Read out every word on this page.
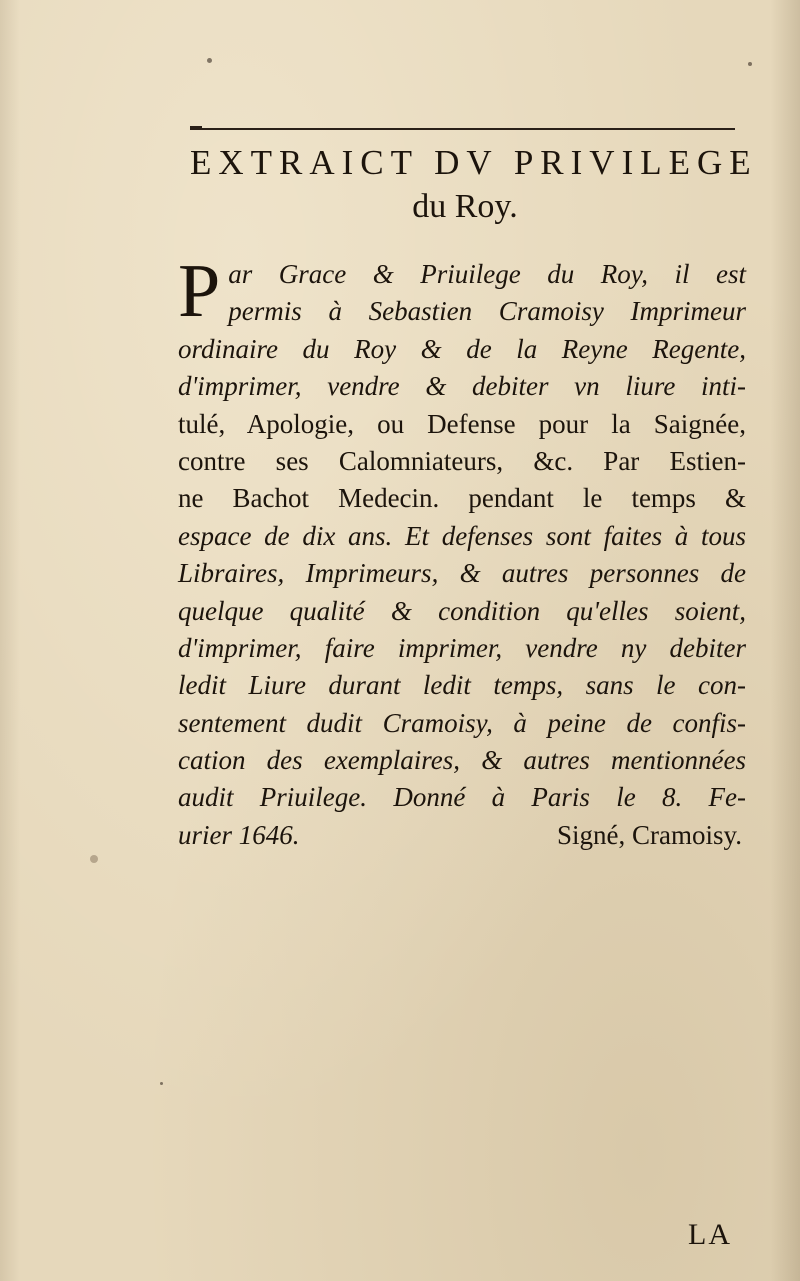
EXTRAICT DV PRIVILEGE
du Roy.
P ar Grace & Priuilege du Roy, il est
permis à Sebastien Cramoisy Imprimeur
ordinaire du Roy & de la Reyne Regente,
d'imprimer, vendre & debiter vn liure inti-
tulé, Apologie, ou Defense pour la Saignée,
contre ses Calomniateurs, &c. Par Estien-
ne Bachot Medecin. pendant le temps &
espace de dix ans. Et defenses sont faites à tous
Libraires, Imprimeurs, & autres personnes de
quelque qualité & condition qu'elles soient,
d'imprimer, faire imprimer, vendre ny debiter
ledit Liure durant ledit temps, sans le con-
sentement dudit Cramoisy, à peine de confis-
cation des exemplaires, & autres mentionnées
audit Priuilege. Donné à Paris le 8. Fe-
urier 1646.	Signé, Cramoisy.
LA
